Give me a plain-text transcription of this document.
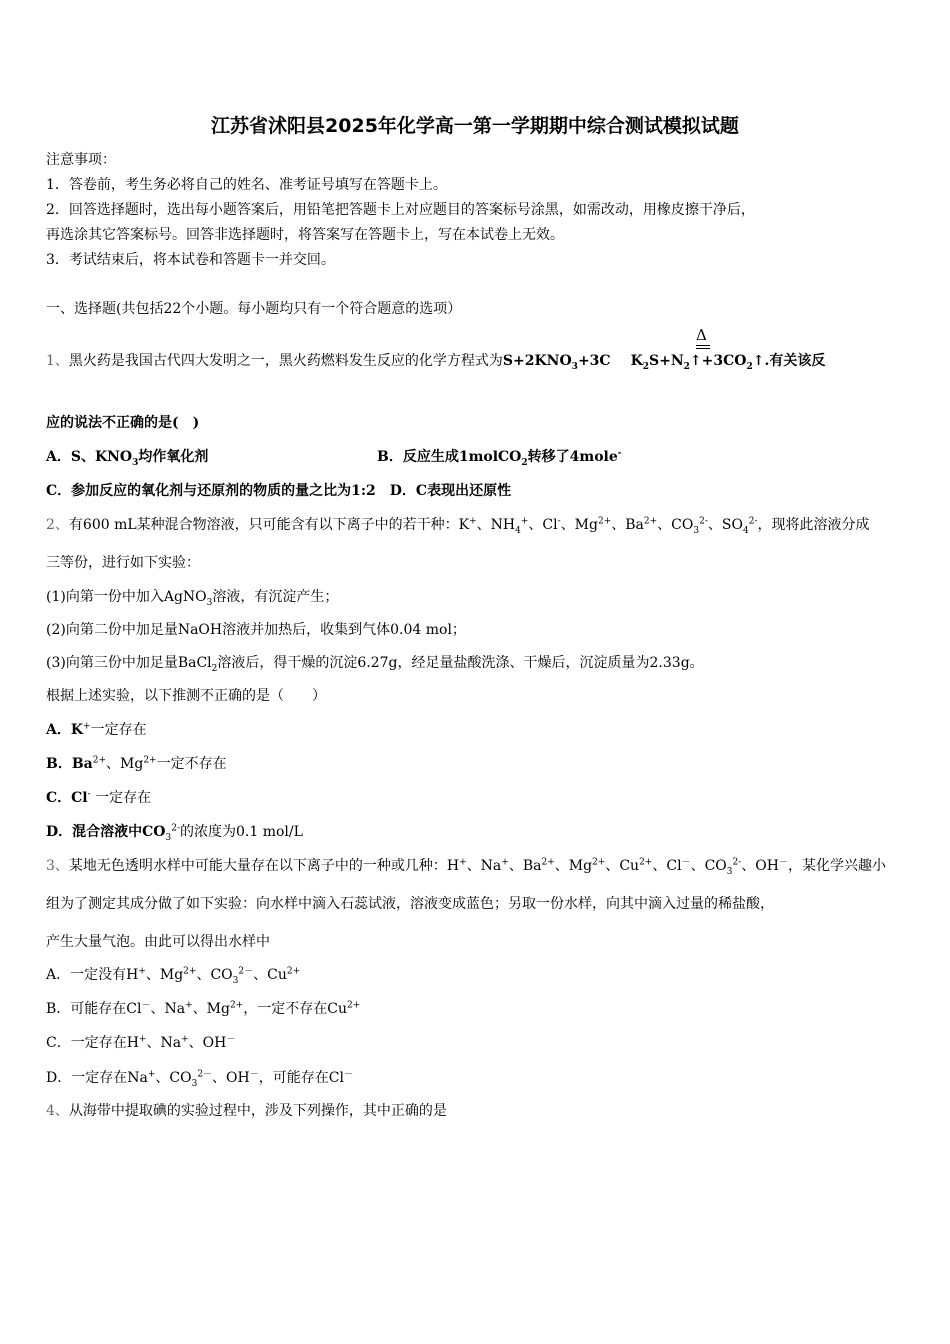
江苏省沭阳县2025年化学高一第一学期期中综合测试模拟试题
注意事项：
1．答卷前，考生务必将自己的姓名、准考证号填写在答题卡上。
2．回答选择题时，选出每小题答案后，用铅笔把答题卡上对应题目的答案标号涂黑，如需改动，用橡皮擦干净后，
再选涂其它答案标号。回答非选择题时，将答案写在答题卡上，写在本试卷上无效。
3．考试结束后，将本试卷和答题卡一并交回。
一、选择题(共包括22个小题。每小题均只有一个符合题意的选项）
Δ
1、黑火药是我国古代四大发明之一，黑火药燃料发生反应的化学方程式为$S+2KNO_3+3C$ $K_2S+N_2↑+3CO_2↑$.有关该反
应的说法不正确的是(　)
A．S、$KNO_3$均作氧化剂	B．反应生成1molCO$_2$转移了4mole-
C．参加反应的氧化剂与还原剂的物质的量之比为1:2　D．C表现出还原性
2、有600 mL某种混合物溶液，只可能含有以下离子中的若干种：K+、$NH_4^+$、Cl-、$Mg^{2+}$、$Ba^{2+}$、$CO_3^{2-}$、$SO_4^{2-}$，现将此溶液分成
三等份，进行如下实验：
(1)向第一份中加入AgNO$_3$溶液，有沉淀产生；
(2)向第二份中加足量NaOH溶液并加热后，收集到气体0.04 mol；
(3)向第三份中加足量BaCl$_2$溶液后，得干燥的沉淀6.27g，经足量盐酸洗涤、干燥后，沉淀质量为2.33g。
根据上述实验，以下推测不正确的是（　　）
A．K+一定存在
B．$Ba^{2+}$、$Mg^{2+}$一定不存在
C．Cl- 一定存在
D．混合溶液中$CO_3^{2-}$的浓度为0.1 mol/L
3、某地无色透明水样中可能大量存在以下离子中的一种或几种：H+、Na+、$Ba^{2+}$、$Mg^{2+}$、$Cu^{2+}$、Cl－、$CO_3^{2-}$、OH－，某化学兴趣小
组为了测定其成分做了如下实验：向水样中滴入石蕊试液，溶液变成蓝色；另取一份水样，向其中滴入过量的稀盐酸，
产生大量气泡。由此可以得出水样中
A．一定没有H+、$Mg^{2+}$、$CO_3^{2-}$、$Cu^{2+}$
B．可能存在Cl－、Na+、$Mg^{2+}$，一定不存在$Cu^{2+}$
C．一定存在H+、Na+、OH－
D．一定存在Na+、$CO_3^{2-}$、OH－，可能存在Cl－
4、从海带中提取碘的实验过程中，涉及下列操作，其中正确的是
